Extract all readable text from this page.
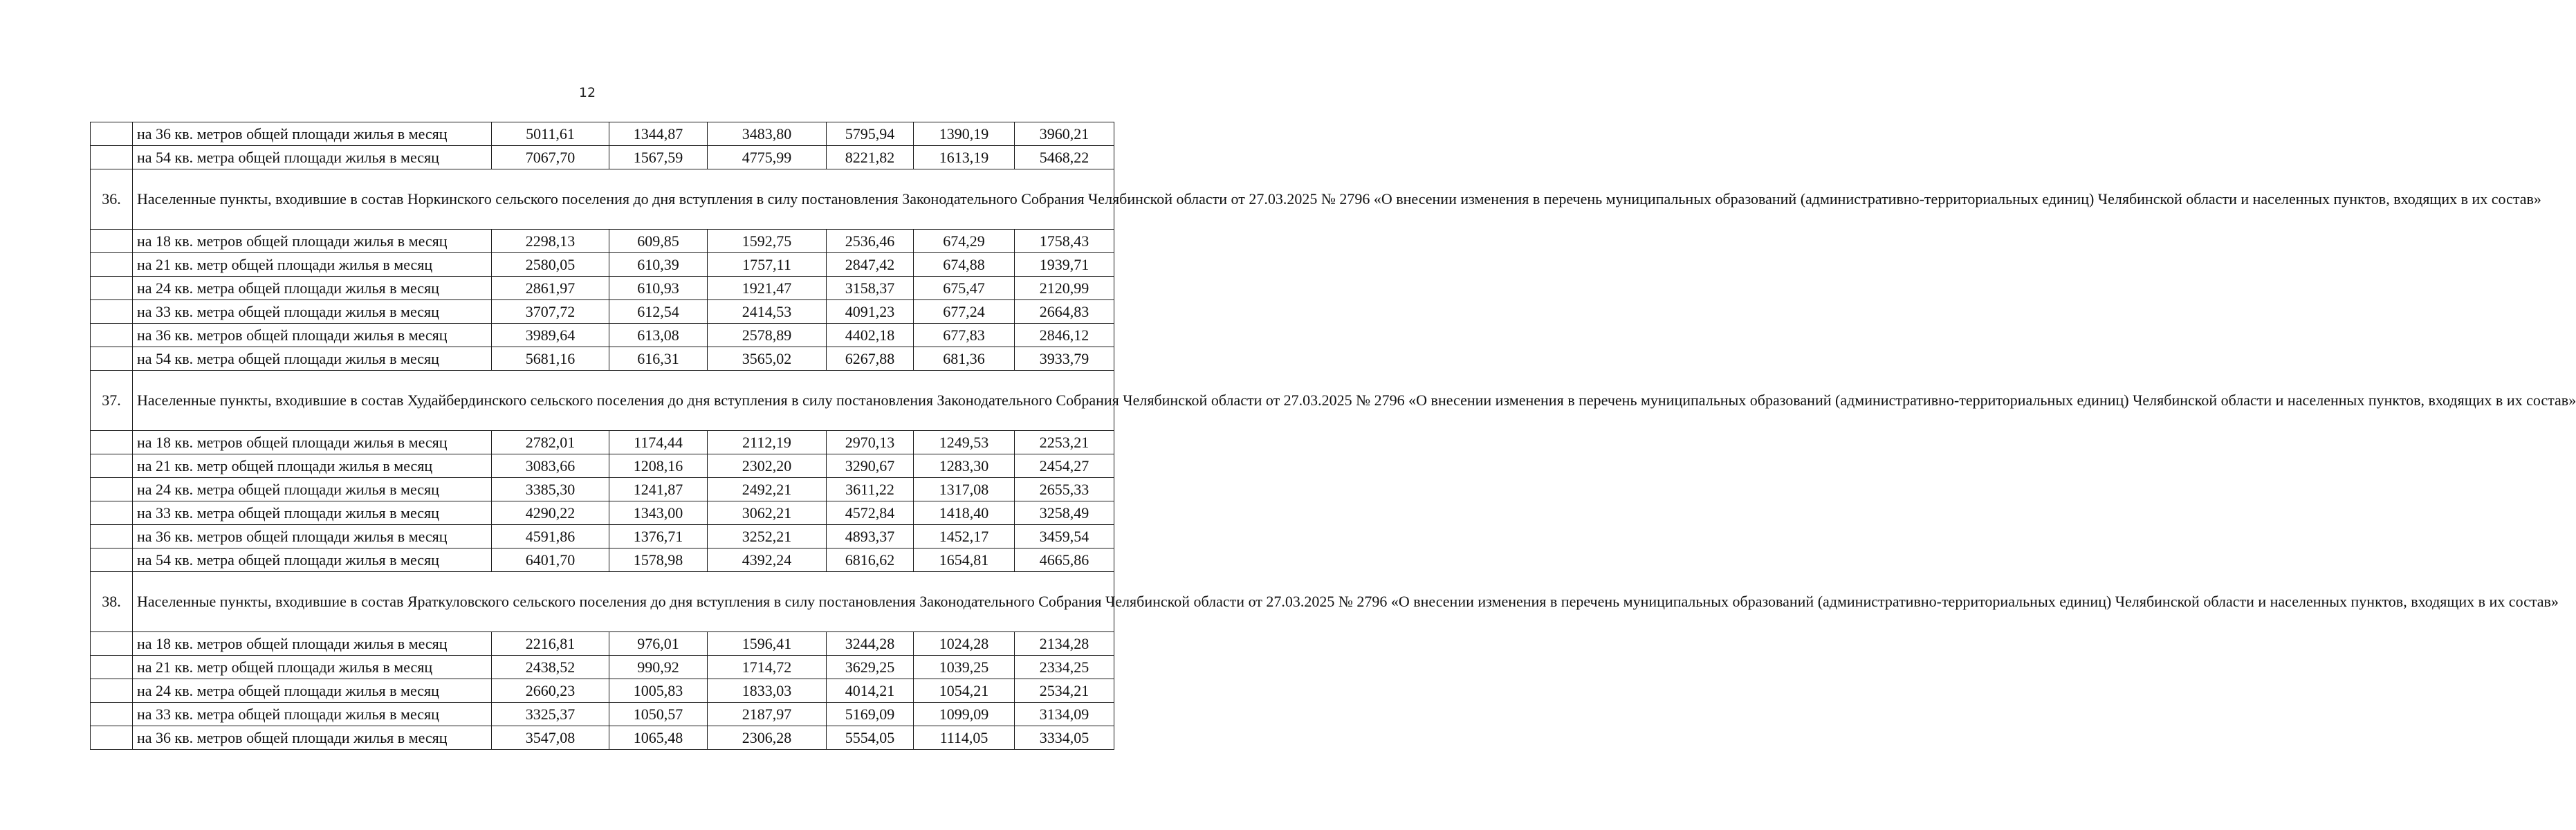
12
	на 36 кв. метров общей площади жилья в месяц	5011,61	1344,87	3483,80	5795,94	1390,19	3960,21
	на 54 кв. метра общей площади жилья в месяц	7067,70	1567,59	4775,99	8221,82	1613,19	5468,22
36.	Населенные пункты, входившие в состав Норкинского сельского поселения до дня вступления в силу постановления Законодательного Собрания Челябинской области от 27.03.2025 № 2796 «О внесении изменения в перечень муниципальных образований (административно-территориальных единиц) Челябинской области и населенных пунктов, входящих в их состав»						
	на 18 кв. метров общей площади жилья в месяц	2298,13	609,85	1592,75	2536,46	674,29	1758,43
	на 21 кв. метр общей площади жилья в месяц	2580,05	610,39	1757,11	2847,42	674,88	1939,71
	на 24 кв. метра общей площади жилья в месяц	2861,97	610,93	1921,47	3158,37	675,47	2120,99
	на 33 кв. метра общей площади жилья в месяц	3707,72	612,54	2414,53	4091,23	677,24	2664,83
	на 36 кв. метров общей площади жилья в месяц	3989,64	613,08	2578,89	4402,18	677,83	2846,12
	на 54 кв. метра общей площади жилья в месяц	5681,16	616,31	3565,02	6267,88	681,36	3933,79
37.	Населенные пункты, входившие в состав Худайбердинского сельского поселения до дня вступления в силу постановления Законодательного Собрания Челябинской области от 27.03.2025 № 2796 «О внесении изменения в перечень муниципальных образований (административно-территориальных единиц) Челябинской области и населенных пунктов, входящих в их состав»						
	на 18 кв. метров общей площади жилья в месяц	2782,01	1174,44	2112,19	2970,13	1249,53	2253,21
	на 21 кв. метр общей площади жилья в месяц	3083,66	1208,16	2302,20	3290,67	1283,30	2454,27
	на 24 кв. метра общей площади жилья в месяц	3385,30	1241,87	2492,21	3611,22	1317,08	2655,33
	на 33 кв. метра общей площади жилья в месяц	4290,22	1343,00	3062,21	4572,84	1418,40	3258,49
	на 36 кв. метров общей площади жилья в месяц	4591,86	1376,71	3252,21	4893,37	1452,17	3459,54
	на 54 кв. метра общей площади жилья в месяц	6401,70	1578,98	4392,24	6816,62	1654,81	4665,86
38.	Населенные пункты, входившие в состав Яраткуловского сельского поселения до дня вступления в силу постановления Законодательного Собрания Челябинской области от 27.03.2025 № 2796 «О внесении изменения в перечень муниципальных образований (административно-территориальных единиц) Челябинской области и населенных пунктов, входящих в их состав»						
	на 18 кв. метров общей площади жилья в месяц	2216,81	976,01	1596,41	3244,28	1024,28	2134,28
	на 21 кв. метр общей площади жилья в месяц	2438,52	990,92	1714,72	3629,25	1039,25	2334,25
	на 24 кв. метра общей площади жилья в месяц	2660,23	1005,83	1833,03	4014,21	1054,21	2534,21
	на 33 кв. метра общей площади жилья в месяц	3325,37	1050,57	2187,97	5169,09	1099,09	3134,09
	на 36 кв. метров общей площади жилья в месяц	3547,08	1065,48	2306,28	5554,05	1114,05	3334,05
